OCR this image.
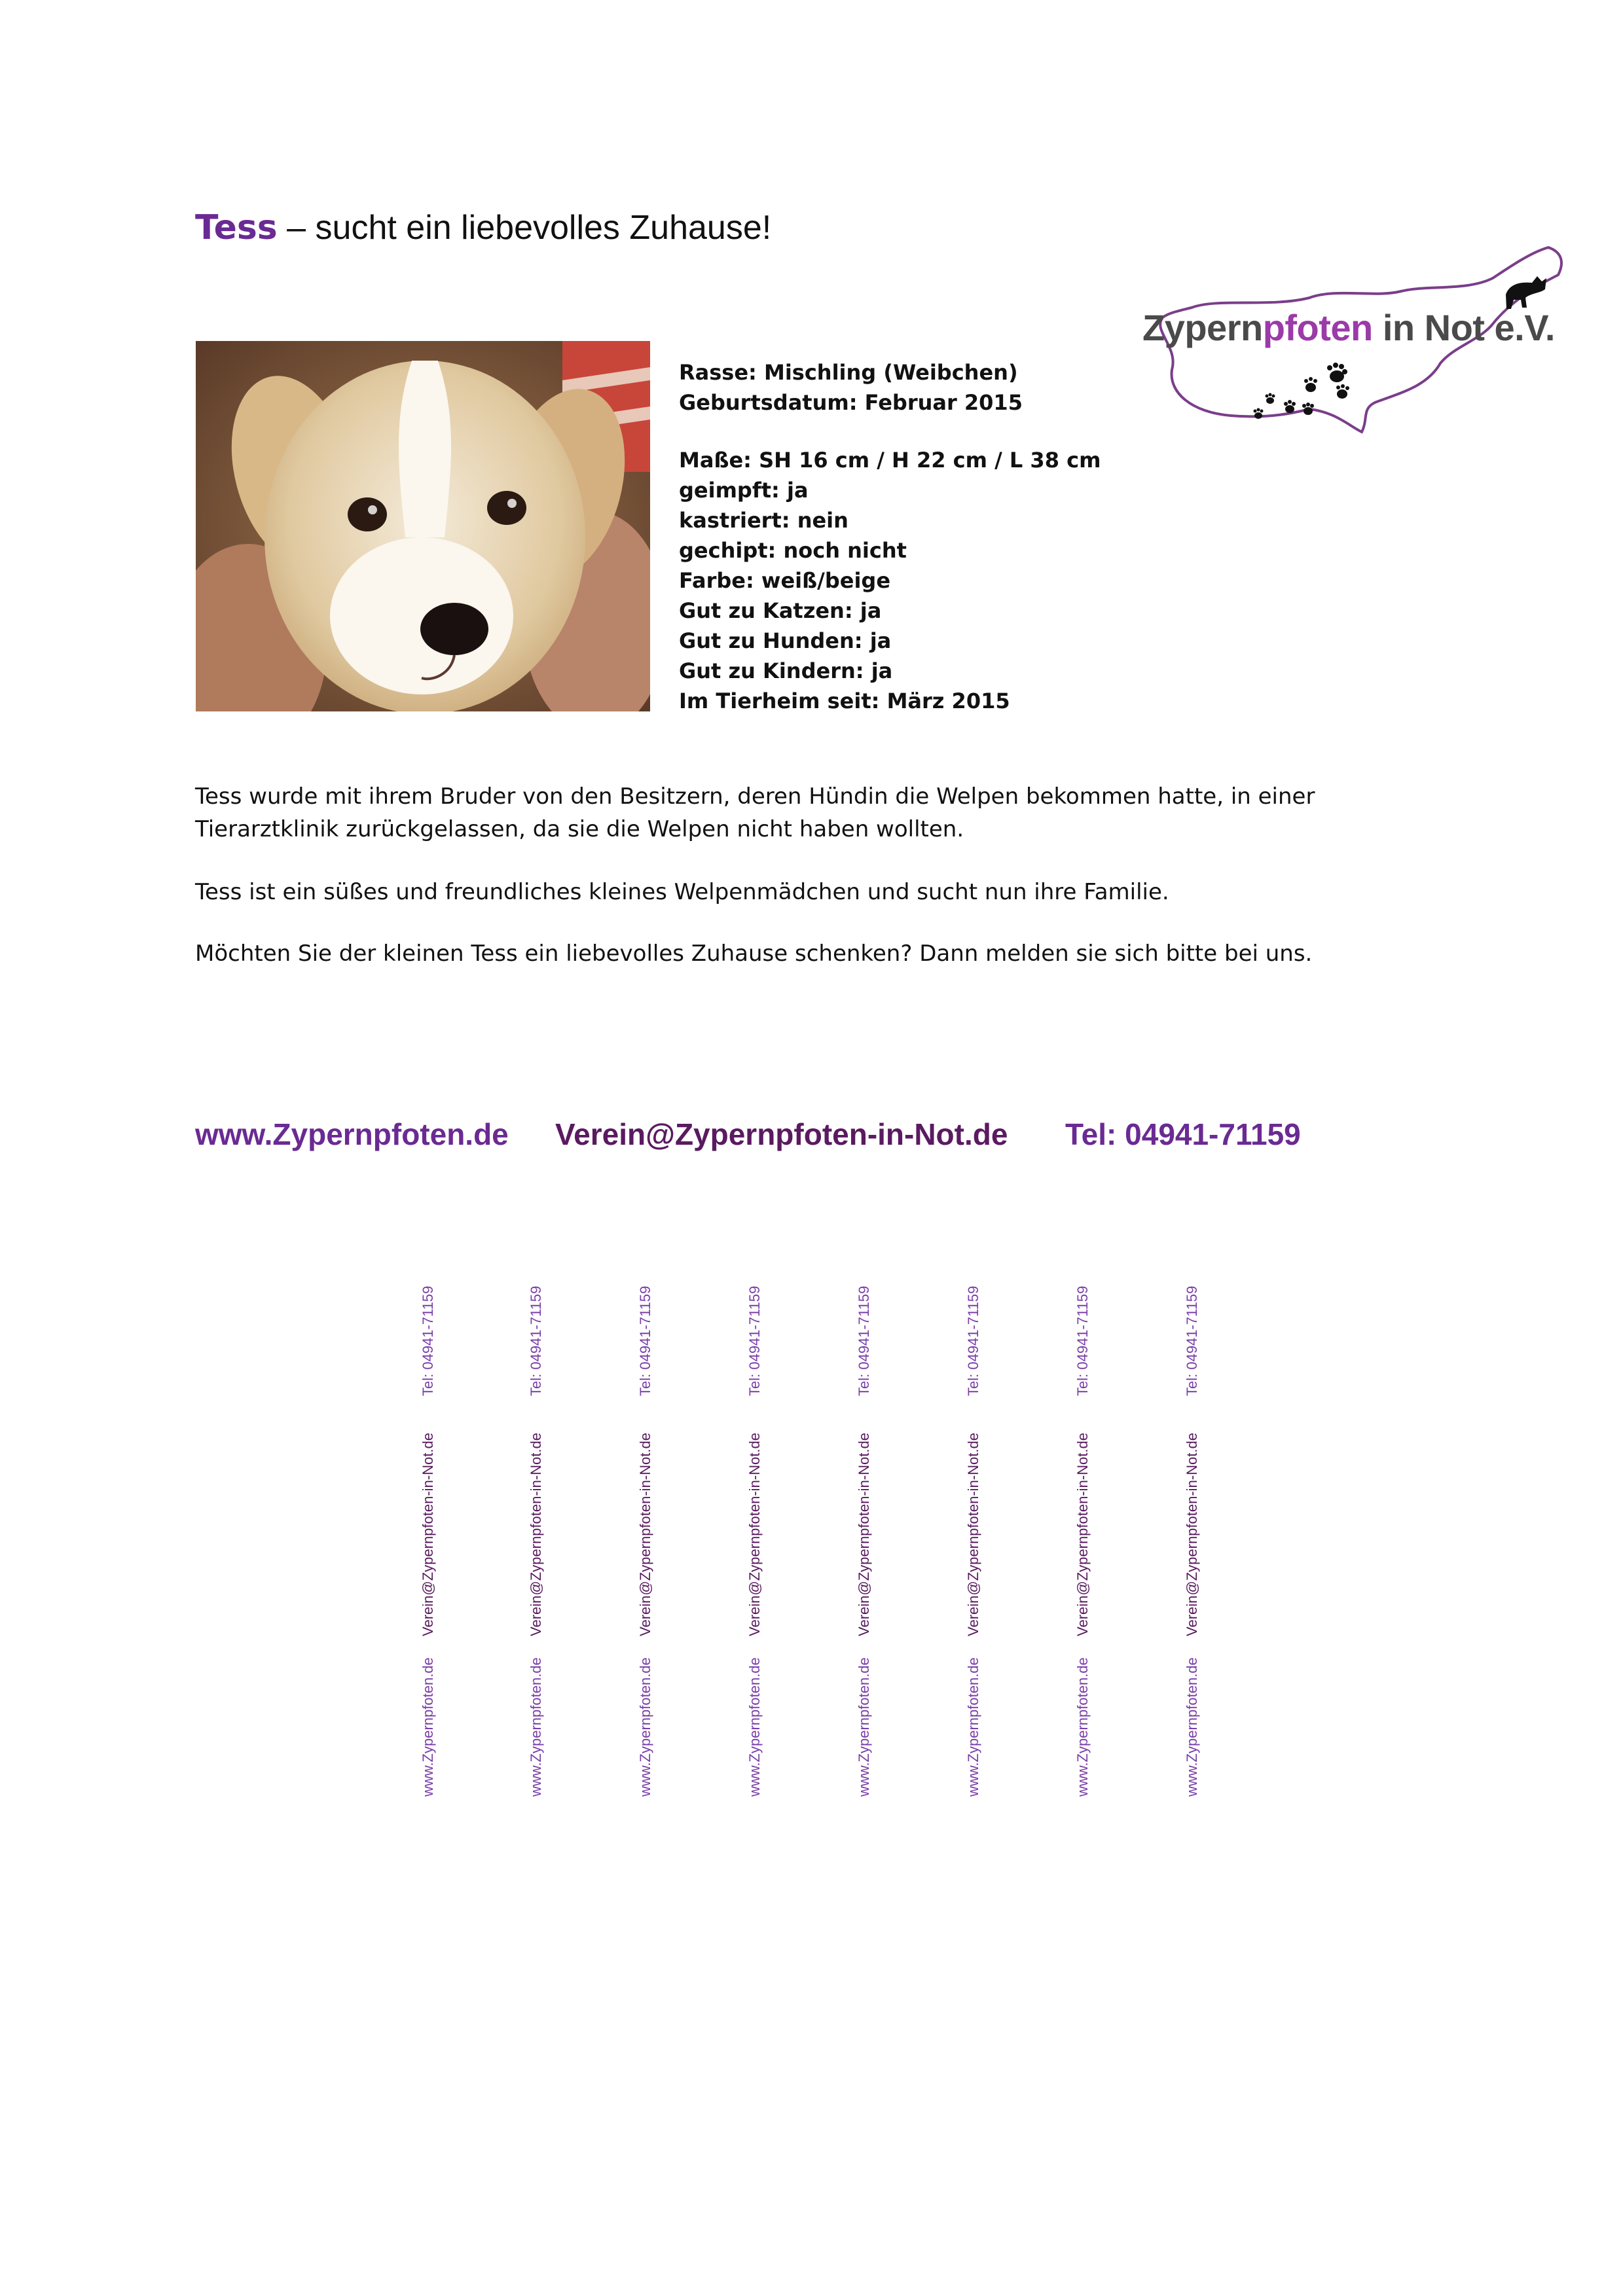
Tess – sucht ein liebevolles Zuhause!
Zypernpfoten in Not e.V.
Rasse: Mischling (Weibchen)
Geburtsdatum: Februar 2015
Maße: SH 16 cm / H 22 cm / L 38 cm
geimpft: ja
kastriert: nein
gechipt: noch nicht
Farbe: weiß/beige
Gut zu Katzen: ja
Gut zu Hunden: ja
Gut zu Kindern: ja
Im Tierheim seit: März 2015
Tess wurde mit ihrem Bruder von den Besitzern, deren Hündin die Welpen bekommen hatte, in einer Tierarztklinik zurückgelassen, da sie die Welpen nicht haben wollten.
Tess ist ein süßes und freundliches kleines Welpenmädchen und sucht nun ihre Familie.
Möchten Sie der kleinen Tess ein liebevolles Zuhause schenken? Dann melden sie sich bitte bei uns.
www.Zypernpfoten.de Verein@Zypernpfoten-in-Not.de Tel: 04941-71159
www.Zypernpfoten.de
Verein@Zypernpfoten-in-Not.de
Tel: 04941-71159
www.Zypernpfoten.de
Verein@Zypernpfoten-in-Not.de
Tel: 04941-71159
www.Zypernpfoten.de
Verein@Zypernpfoten-in-Not.de
Tel: 04941-71159
www.Zypernpfoten.de
Verein@Zypernpfoten-in-Not.de
Tel: 04941-71159
www.Zypernpfoten.de
Verein@Zypernpfoten-in-Not.de
Tel: 04941-71159
www.Zypernpfoten.de
Verein@Zypernpfoten-in-Not.de
Tel: 04941-71159
www.Zypernpfoten.de
Verein@Zypernpfoten-in-Not.de
Tel: 04941-71159
www.Zypernpfoten.de
Verein@Zypernpfoten-in-Not.de
Tel: 04941-71159
